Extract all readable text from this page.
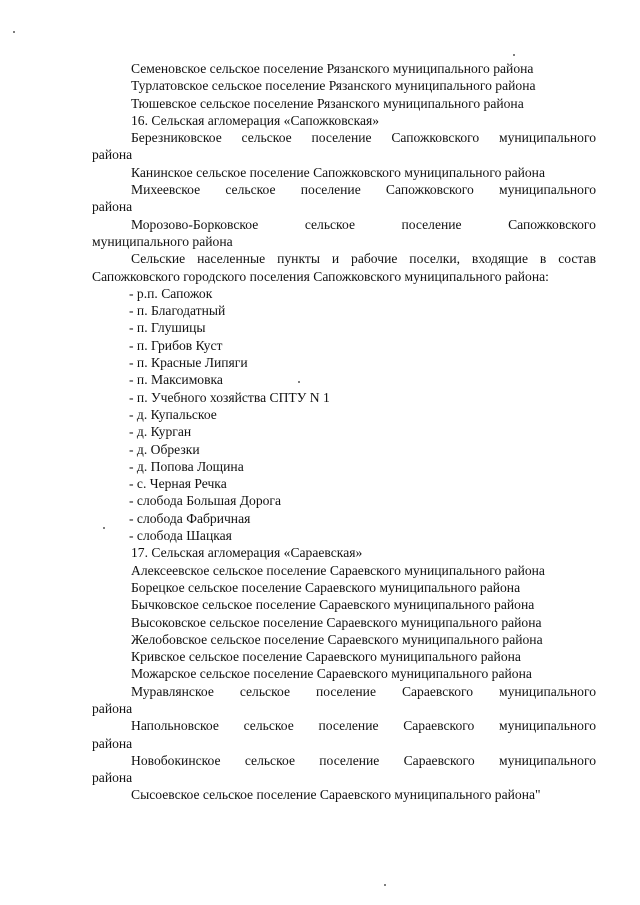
Семеновское сельское поселение Рязанского муниципального района
Турлатовское сельское поселение Рязанского муниципального района
Тюшевское сельское поселение Рязанского муниципального района
16. Сельская агломерация «Сапожковская»
Березниковское сельское поселение Сапожковского муниципального
района
Канинское сельское поселение Сапожковского муниципального района
Михеевское сельское поселение Сапожковского муниципального
района
Морозово-Борковское	сельское	поселение	Сапожковского
муниципального района
Сельские населенные пункты и рабочие поселки, входящие в состав Сапожковского городского поселения Сапожковского муниципального района:
- р.п. Сапожок
- п. Благодатный
- п. Глушицы
- п. Грибов Куст
- п. Красные Липяги
- п. Максимовка
- п. Учебного хозяйства СПТУ N 1
- д. Купальское
- д. Курган
- д. Обрезки
- д. Попова Лощина
- с. Черная Речка
- слобода Большая Дорога
- слобода Фабричная
- слобода Шацкая
17. Сельская агломерация «Сараевская»
Алексеевское сельское поселение Сараевского муниципального района
Борецкое сельское поселение Сараевского муниципального района
Бычковское сельское поселение Сараевского муниципального района
Высоковское сельское поселение Сараевского муниципального района
Желобовское сельское поселение Сараевского муниципального района
Кривское сельское поселение Сараевского муниципального района
Можарское сельское поселение Сараевского муниципального района
Муравлянское сельское поселение Сараевского муниципального
района
Напольновское сельское поселение Сараевского муниципального
района
Новобокинское сельское поселение Сараевского муниципального
района
Сысоевское сельское поселение Сараевского муниципального района"
